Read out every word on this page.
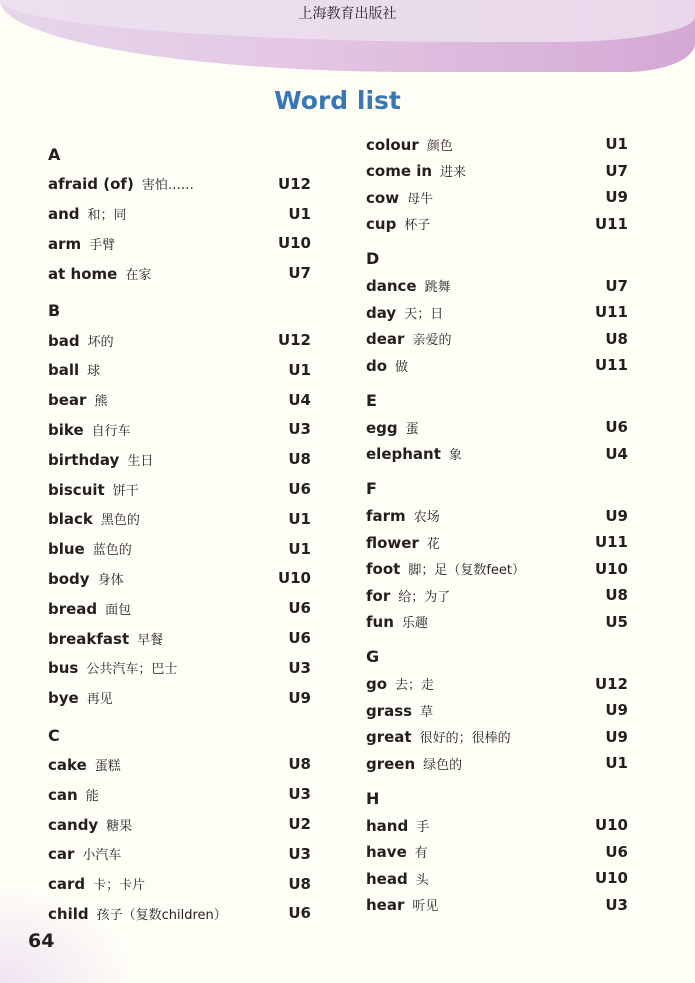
上海教育出版社
Word list
A
afraid (of) 害怕……	U12
and 和；同	U1
arm 手臂	U10
at home 在家	U7
B
bad 坏的	U12
ball 球	U1
bear 熊	U4
bike 自行车	U3
birthday 生日	U8
biscuit 饼干	U6
black 黑色的	U1
blue 蓝色的	U1
body 身体	U10
bread 面包	U6
breakfast 早餐	U6
bus 公共汽车；巴士	U3
bye 再见	U9
C
cake 蛋糕	U8
can 能	U3
candy 糖果	U2
car 小汽车	U3
card 卡；卡片	U8
child 孩子（复数children）	U6
colour 颜色	U1
come in 进来	U7
cow 母牛	U9
cup 杯子	U11
D
dance 跳舞	U7
day 天；日	U11
dear 亲爱的	U8
do 做	U11
E
egg 蛋	U6
elephant 象	U4
F
farm 农场	U9
flower 花	U11
foot 脚；足（复数feet）	U10
for 给；为了	U8
fun 乐趣	U5
G
go 去；走	U12
grass 草	U9
great 很好的；很棒的	U9
green 绿色的	U1
H
hand 手	U10
have 有	U6
head 头	U10
hear 听见	U3
64
